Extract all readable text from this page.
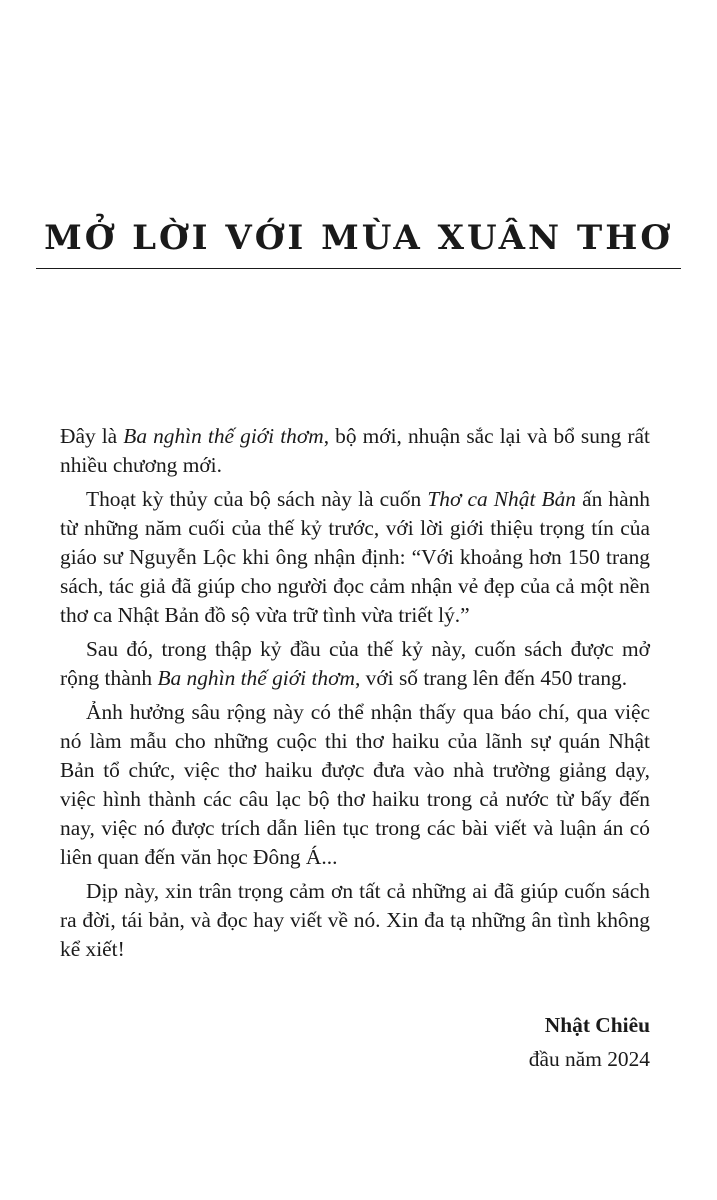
MỞ LỜI VỚI MÙA XUÂN THƠ

Đây là Ba nghìn thế giới thơm, bộ mới, nhuận sắc lại và bổ sung rất nhiều chương mới.

Thoạt kỳ thủy của bộ sách này là cuốn Thơ ca Nhật Bản ấn hành từ những năm cuối của thế kỷ trước, với lời giới thiệu trọng tín của giáo sư Nguyễn Lộc khi ông nhận định: “Với khoảng hơn 150 trang sách, tác giả đã giúp cho người đọc cảm nhận vẻ đẹp của cả một nền thơ ca Nhật Bản đồ sộ vừa trữ tình vừa triết lý.”

Sau đó, trong thập kỷ đầu của thế kỷ này, cuốn sách được mở rộng thành Ba nghìn thế giới thơm, với số trang lên đến 450 trang.

Ảnh hưởng sâu rộng này có thể nhận thấy qua báo chí, qua việc nó làm mẫu cho những cuộc thi thơ haiku của lãnh sự quán Nhật Bản tổ chức, việc thơ haiku được đưa vào nhà trường giảng dạy, việc hình thành các câu lạc bộ thơ haiku trong cả nước từ bấy đến nay, việc nó được trích dẫn liên tục trong các bài viết và luận án có liên quan đến văn học Đông Á...

Dịp này, xin trân trọng cảm ơn tất cả những ai đã giúp cuốn sách ra đời, tái bản, và đọc hay viết về nó. Xin đa tạ những ân tình không kể xiết!

Nhật Chiêu
đầu năm 2024
